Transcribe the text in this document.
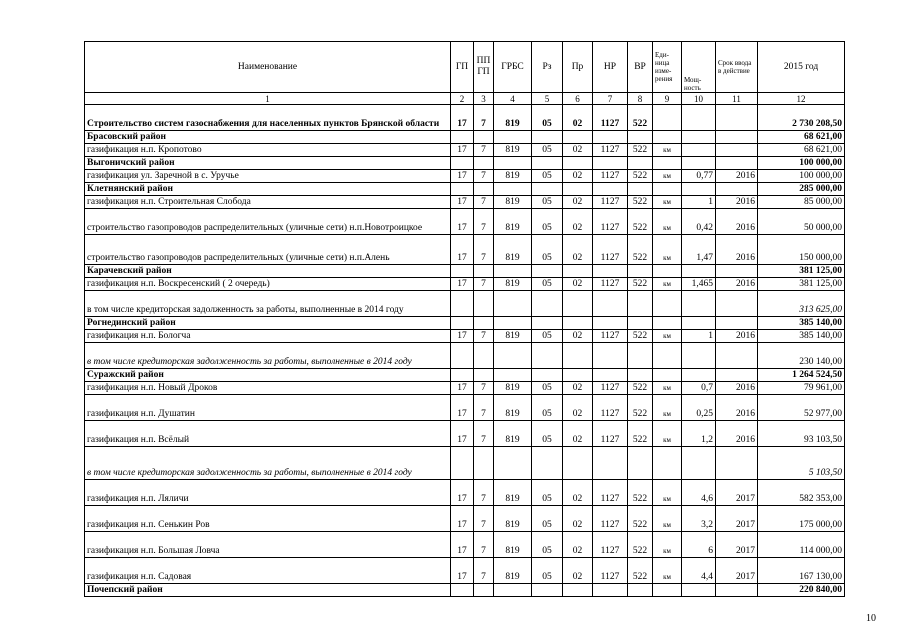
Наименование	ГП	ПП ГП	ГРБС	Рз	Пр	НР	ВР	Еди- ница изме- рения	Мощ- ность	Срок ввода в действие	2015 год
1	2	3	4	5	6	7	8	9	10	11	12
Строительство систем газоснабжения для населенных пунктов Брянской области	17	7	819	05	02	1127	522				2 730 208,50
Брасовский район											68 621,00
газификация н.п. Кропотово	17	7	819	05	02	1127	522	км			68 621,00
Выгоничский район											100 000,00
газификация ул. Заречной в с. Уручье	17	7	819	05	02	1127	522	км	0,77	2016	100 000,00
Клетнянский район											285 000,00
газификация н.п. Строительная Слобода	17	7	819	05	02	1127	522	км	1	2016	85 000,00
строительство газопроводов распределительных (уличные сети) н.п.Новотроицкое	17	7	819	05	02	1127	522	км	0,42	2016	50 000,00
строительство газопроводов распределительных (уличные сети) н.п.Алень	17	7	819	05	02	1127	522	км	1,47	2016	150 000,00
Карачевский район											381 125,00
газификация н.п. Воскресенский ( 2 очередь)	17	7	819	05	02	1127	522	км	1,465	2016	381 125,00
в том числе кредиторская задолженность за работы, выполненные в 2014 году											313 625,00
Рогнединский район											385 140,00
газификация н.п. Бологча	17	7	819	05	02	1127	522	км	1	2016	385 140,00
в том числе кредиторская задолженность за работы, выполненные в 2014 году											230 140,00
Суражский район											1 264 524,50
газификация н.п. Новый Дроков	17	7	819	05	02	1127	522	км	0,7	2016	79 961,00
газификация н.п. Душатин	17	7	819	05	02	1127	522	км	0,25	2016	52 977,00
газификация н.п. Всёлый	17	7	819	05	02	1127	522	км	1,2	2016	93 103,50
в том числе кредиторская задолженность за работы, выполненные в 2014 году											5 103,50
газификация н.п. Ляличи	17	7	819	05	02	1127	522	км	4,6	2017	582 353,00
газификация н.п. Сенькин Ров	17	7	819	05	02	1127	522	км	3,2	2017	175 000,00
газификация н.п. Большая Ловча	17	7	819	05	02	1127	522	км	6	2017	114 000,00
газификация н.п. Садовая	17	7	819	05	02	1127	522	км	4,4	2017	167 130,00
Почепский район											220 840,00
10
